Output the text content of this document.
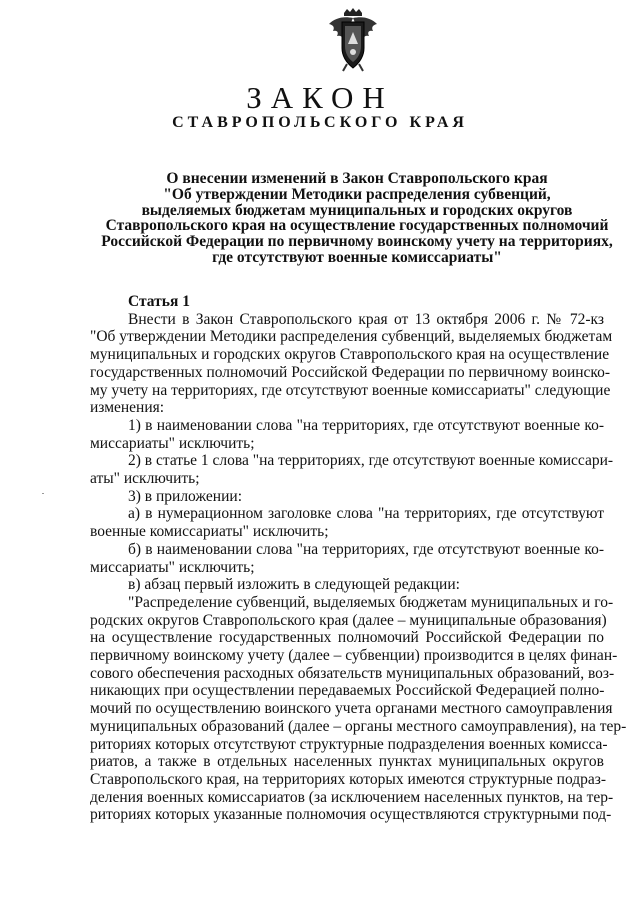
ЗАКОН
СТАВРОПОЛЬСКОГО КРАЯ
О внесении изменений в Закон Ставропольского края
"Об утверждении Методики распределения субвенций,
выделяемых бюджетам муниципальных и городских округов
Ставропольского края на осуществление государственных полномочий
Российской Федерации по первичному воинскому учету на территориях,
где отсутствуют военные комиссариаты"
Статья 1
Внести в Закон Ставропольского края от 13 октября 2006 г. № 72-кз
"Об утверждении Методики распределения субвенций, выделяемых бюджетам
муниципальных и городских округов Ставропольского края на осуществление
государственных полномочий Российской Федерации по первичному воинско-
му учету на территориях, где отсутствуют военные комиссариаты" следующие
изменения:
1) в наименовании слова "на территориях, где отсутствуют военные ко-
миссариаты" исключить;
2) в статье 1 слова "на территориях, где отсутствуют военные комиссари-
аты" исключить;
3) в приложении:
а) в нумерационном заголовке слова "на территориях, где отсутствуют
военные комиссариаты" исключить;
б) в наименовании слова "на территориях, где отсутствуют военные ко-
миссариаты" исключить;
в) абзац первый изложить в следующей редакции:
"Распределение субвенций, выделяемых бюджетам муниципальных и го-
родских округов Ставропольского края (далее – муниципальные образования)
на осуществление государственных полномочий Российской Федерации по
первичному воинскому учету (далее – субвенции) производится в целях финан-
сового обеспечения расходных обязательств муниципальных образований, воз-
никающих при осуществлении передаваемых Российской Федерацией полно-
мочий по осуществлению воинского учета органами местного самоуправления
муниципальных образований (далее – органы местного самоуправления), на тер-
риториях которых отсутствуют структурные подразделения военных комисса-
риатов, а также в отдельных населенных пунктах муниципальных округов
Ставропольского края, на территориях которых имеются структурные подраз-
деления военных комиссариатов (за исключением населенных пунктов, на тер-
риториях которых указанные полномочия осуществляются структурными под-
